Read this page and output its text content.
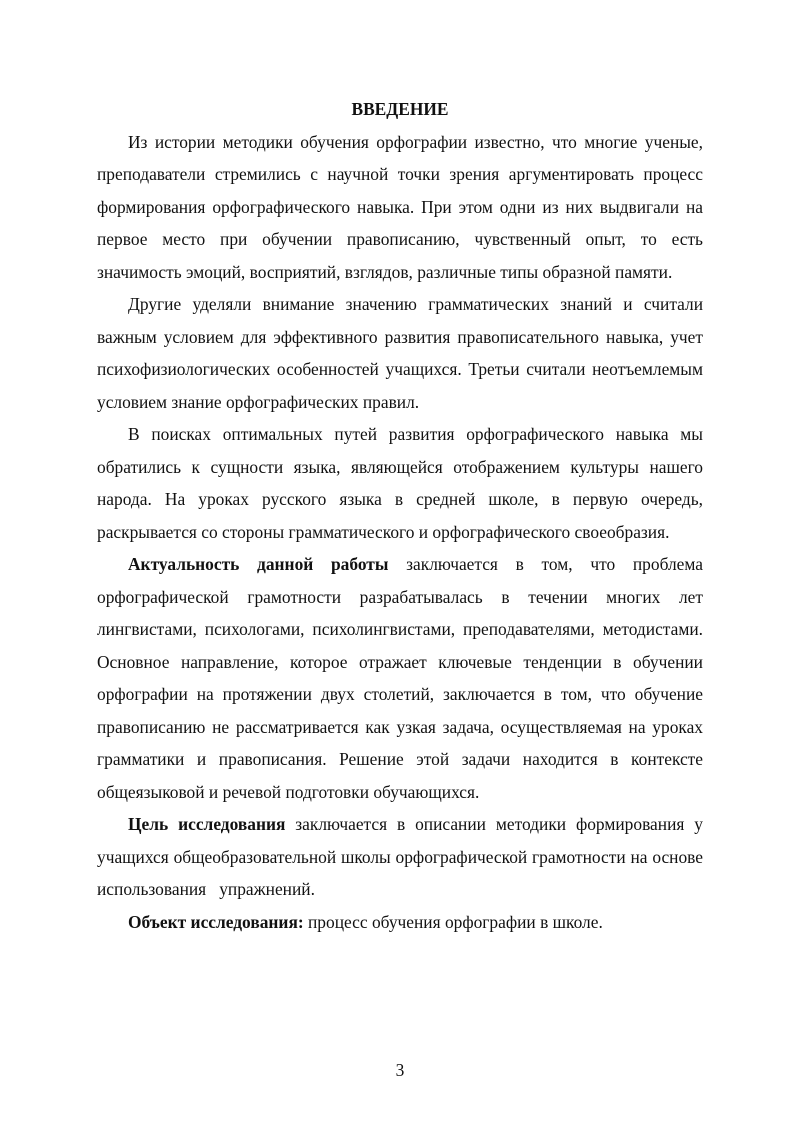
ВВЕДЕНИЕ

Из истории методики обучения орфографии известно, что многие ученые, преподаватели стремились с научной точки зрения аргументировать процесс формирования орфографического навыка. При этом одни из них выдвигали на первое место при обучении правописанию, чувственный опыт, то есть значимость эмоций, восприятий, взглядов, различные типы образной памяти.

Другие уделяли внимание значению грамматических знаний и считали важным условием для эффективного развития правописательного навыка, учет психофизиологических особенностей учащихся. Третьи считали неотъемлемым условием знание орфографических правил.

В поисках оптимальных путей развития орфографического навыка мы обратились к сущности языка, являющейся отображением культуры нашего народа. На уроках русского языка в средней школе, в первую очередь, раскрывается со стороны грамматического и орфографического своеобразия.

Актуальность данной работы заключается в том, что проблема орфографической грамотности разрабатывалась в течении многих лет лингвистами, психологами, психолингвистами, преподавателями, методистами. Основное направление, которое отражает ключевые тенденции в обучении орфографии на протяжении двух столетий, заключается в том, что обучение правописанию не рассматривается как узкая задача, осуществляемая на уроках грамматики и правописания. Решение этой задачи находится в контексте общеязыковой и речевой подготовки обучающихся.

Цель исследования заключается в описании методики формирования у учащихся общеобразовательной школы орфографической грамотности на основе использования   упражнений.

Объект исследования: процесс обучения орфографии в школе.

3
